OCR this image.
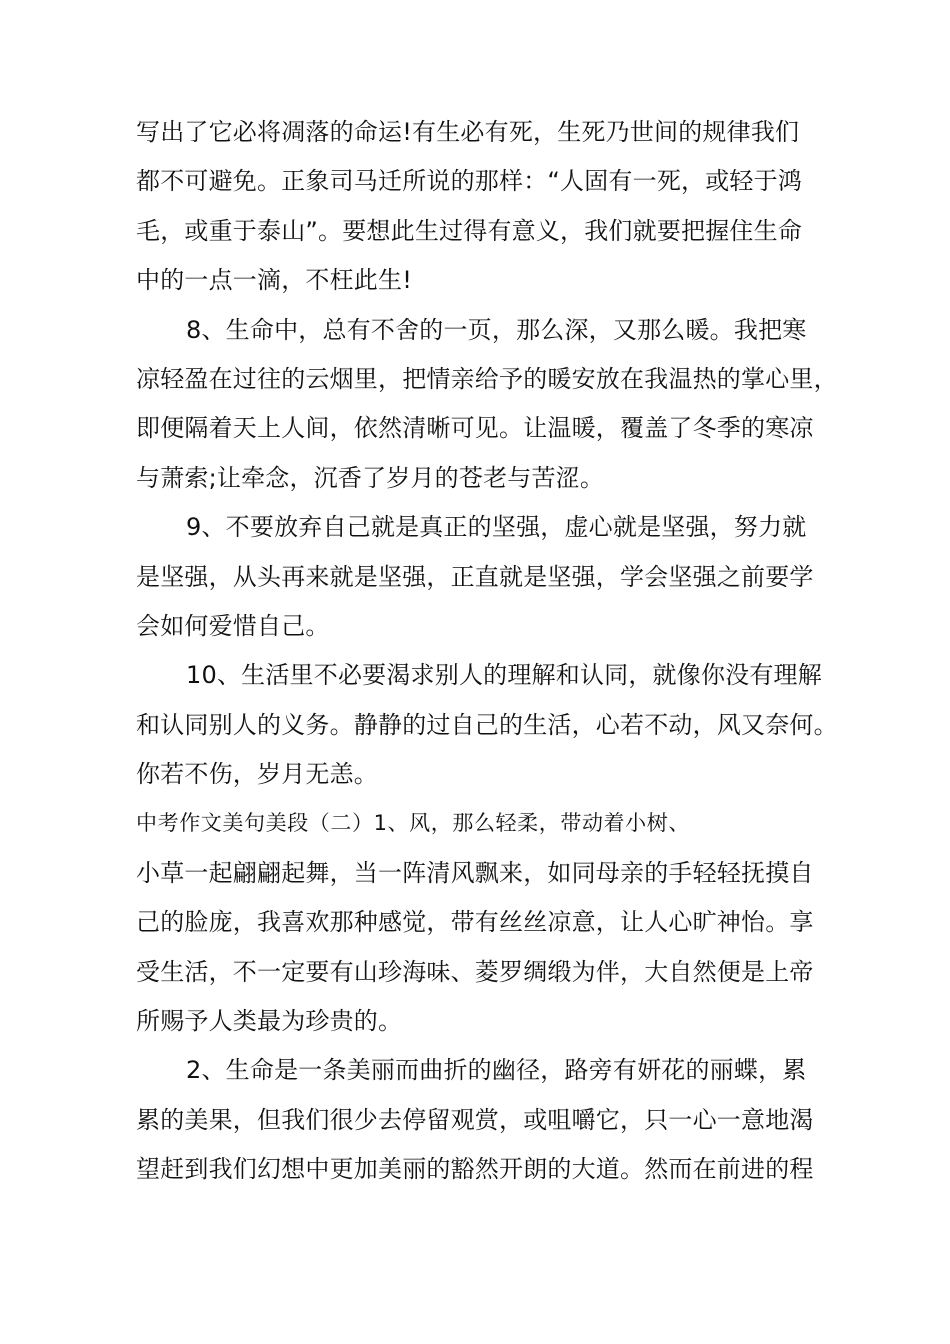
写出了它必将凋落的命运!有生必有死，生死乃世间的规律我们
都不可避免。正象司马迁所说的那样：“人固有一死，或轻于鸿
毛，或重于泰山”。要想此生过得有意义，我们就要把握住生命
中的一点一滴，不枉此生!
8、生命中，总有不舍的一页，那么深，又那么暖。我把寒
凉轻盈在过往的云烟里，把情亲给予的暖安放在我温热的掌心里，
即便隔着天上人间，依然清晰可见。让温暖，覆盖了冬季的寒凉
与萧索;让牵念，沉香了岁月的苍老与苦涩。
9、不要放弃自己就是真正的坚强，虚心就是坚强，努力就
是坚强，从头再来就是坚强，正直就是坚强，学会坚强之前要学
会如何爱惜自己。
10、生活里不必要渴求别人的理解和认同，就像你没有理解
和认同别人的义务。静静的过自己的生活，心若不动，风又奈何。
你若不伤，岁月无恙。
中考作文美句美段（二）1、风，那么轻柔，带动着小树、
小草一起翩翩起舞，当一阵清风飘来，如同母亲的手轻轻抚摸自
己的脸庞，我喜欢那种感觉，带有丝丝凉意，让人心旷神怡。享
受生活，不一定要有山珍海味、菱罗绸缎为伴，大自然便是上帝
所赐予人类最为珍贵的。
2、生命是一条美丽而曲折的幽径，路旁有妍花的丽蝶，累
累的美果，但我们很少去停留观赏，或咀嚼它，只一心一意地渴
望赶到我们幻想中更加美丽的豁然开朗的大道。然而在前进的程
